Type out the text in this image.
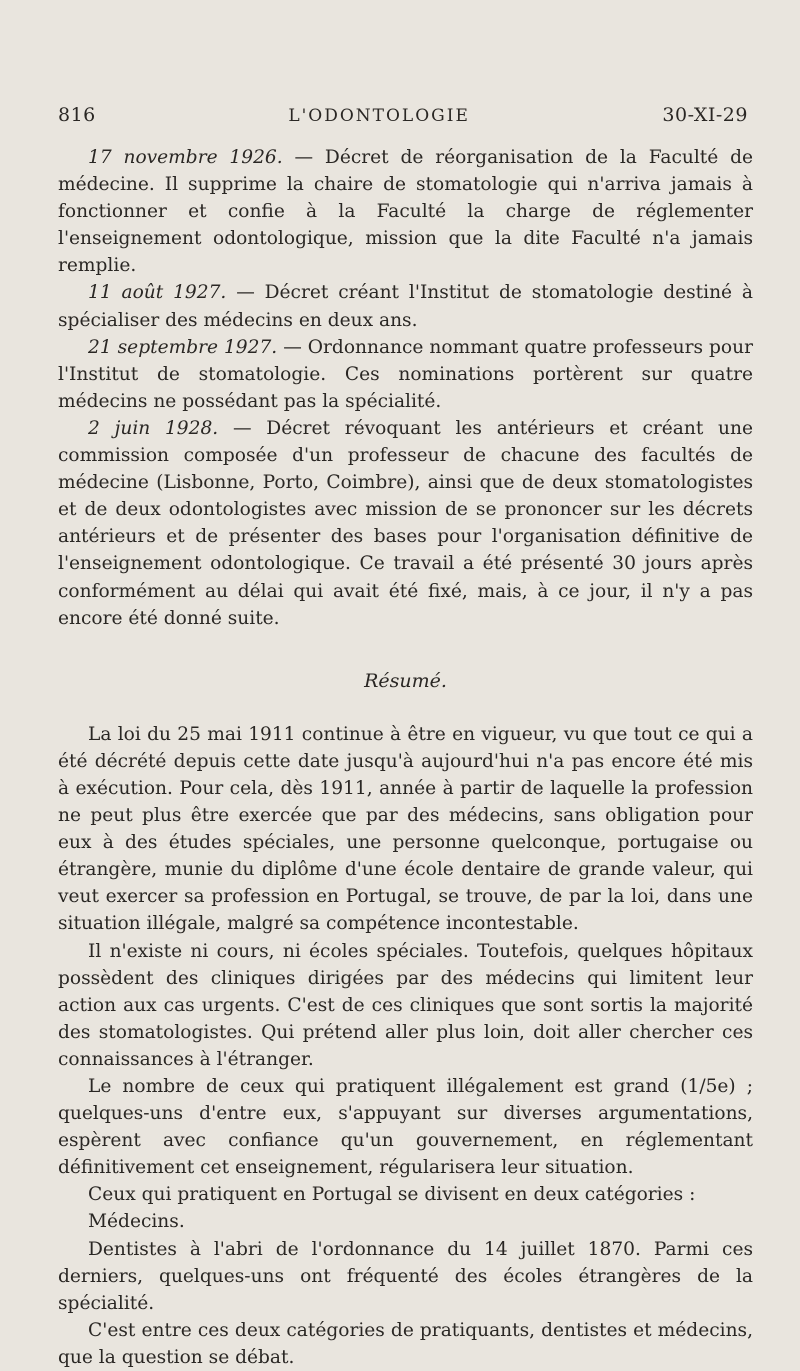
816	L'ODONTOLOGIE	30-XI-29

17 novembre 1926. — Décret de réorganisation de la Faculté de médecine. Il supprime la chaire de stomatologie qui n'arriva jamais à fonctionner et confie à la Faculté la charge de réglementer l'enseignement odontologique, mission que la dite Faculté n'a jamais remplie.

11 août 1927. — Décret créant l'Institut de stomatologie destiné à spécialiser des médecins en deux ans.

21 septembre 1927. — Ordonnance nommant quatre professeurs pour l'Institut de stomatologie. Ces nominations portèrent sur quatre médecins ne possédant pas la spécialité.

2 juin 1928. — Décret révoquant les antérieurs et créant une commission composée d'un professeur de chacune des facultés de médecine (Lisbonne, Porto, Coimbre), ainsi que de deux stomatologistes et de deux odontologistes avec mission de se prononcer sur les décrets antérieurs et de présenter des bases pour l'organisation définitive de l'enseignement odontologique. Ce travail a été présenté 30 jours après conformément au délai qui avait été fixé, mais, à ce jour, il n'y a pas encore été donné suite.

Résumé.

La loi du 25 mai 1911 continue à être en vigueur, vu que tout ce qui a été décrété depuis cette date jusqu'à aujourd'hui n'a pas encore été mis à exécution. Pour cela, dès 1911, année à partir de laquelle la profession ne peut plus être exercée que par des médecins, sans obligation pour eux à des études spéciales, une personne quelconque, portugaise ou étrangère, munie du diplôme d'une école dentaire de grande valeur, qui veut exercer sa profession en Portugal, se trouve, de par la loi, dans une situation illégale, malgré sa compétence incontestable.

Il n'existe ni cours, ni écoles spéciales. Toutefois, quelques hôpitaux possèdent des cliniques dirigées par des médecins qui limitent leur action aux cas urgents. C'est de ces cliniques que sont sortis la majorité des stomatologistes. Qui prétend aller plus loin, doit aller chercher ces connaissances à l'étranger.

Le nombre de ceux qui pratiquent illégalement est grand (1/5e) ; quelques-uns d'entre eux, s'appuyant sur diverses argumentations, espèrent avec confiance qu'un gouvernement, en réglementant définitivement cet enseignement, régularisera leur situation.

Ceux qui pratiquent en Portugal se divisent en deux catégories :

Médecins.

Dentistes à l'abri de l'ordonnance du 14 juillet 1870. Parmi ces derniers, quelques-uns ont fréquenté des écoles étrangères de la spécialité.

C'est entre ces deux catégories de pratiquants, dentistes et médecins, que la question se débat.
